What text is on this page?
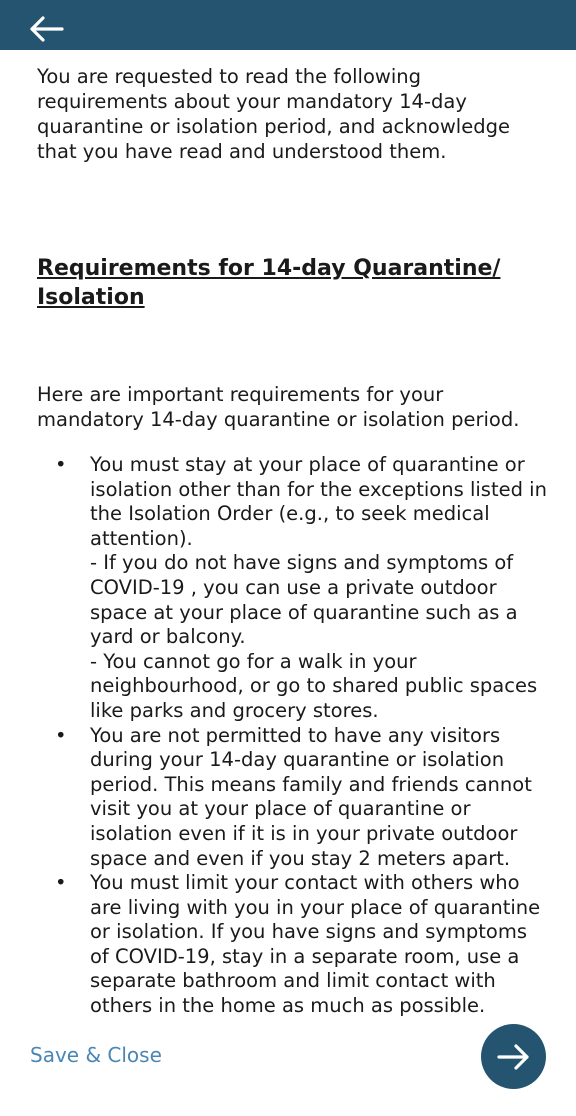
You are requested to read the following requirements about your mandatory 14-day quarantine or isolation period, and acknowledge that you have read and understood them.

Requirements for 14-day Quarantine/ Isolation

Here are important requirements for your mandatory 14-day quarantine or isolation period.

• You must stay at your place of quarantine or isolation other than for the exceptions listed in the Isolation Order (e.g., to seek medical attention).
- If you do not have signs and symptoms of COVID-19 , you can use a private outdoor space at your place of quarantine such as a yard or balcony.
- You cannot go for a walk in your neighbourhood, or go to shared public spaces like parks and grocery stores.
• You are not permitted to have any visitors during your 14-day quarantine or isolation period. This means family and friends cannot visit you at your place of quarantine or isolation even if it is in your private outdoor space and even if you stay 2 meters apart.
• You must limit your contact with others who are living with you in your place of quarantine or isolation. If you have signs and symptoms of COVID-19, stay in a separate room, use a separate bathroom and limit contact with others in the home as much as possible.
Save & Close
